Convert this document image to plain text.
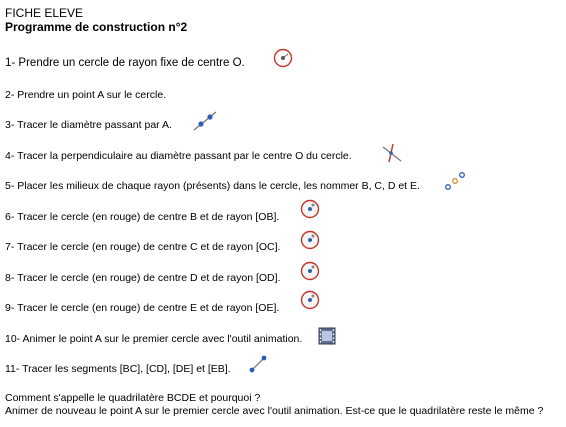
FICHE ELEVE
Programme de construction n°2
1- Prendre un cercle de rayon fixe de centre O.
2- Prendre un point A sur le cercle.
3- Tracer le diamètre passant par A.
4- Tracer la perpendiculaire au diamètre passant par le centre O du cercle.
5- Placer les milieux de chaque rayon (présents) dans le cercle, les nommer B, C, D et E.
6- Tracer le cercle (en rouge) de centre B et de rayon [OB].
7- Tracer le cercle (en rouge) de centre C et de rayon [OC].
8- Tracer le cercle (en rouge) de centre D et de rayon [OD].
9- Tracer le cercle (en rouge) de centre E et de rayon [OE].
10- Animer le point A sur le premier cercle avec l'outil animation.
11- Tracer les segments [BC], [CD], [DE] et [EB].
Comment s'appelle le quadrilatère BCDE et pourquoi ?
Animer de nouveau le point A sur le premier cercle avec l'outil animation. Est-ce que le quadrilatère reste le même ?
